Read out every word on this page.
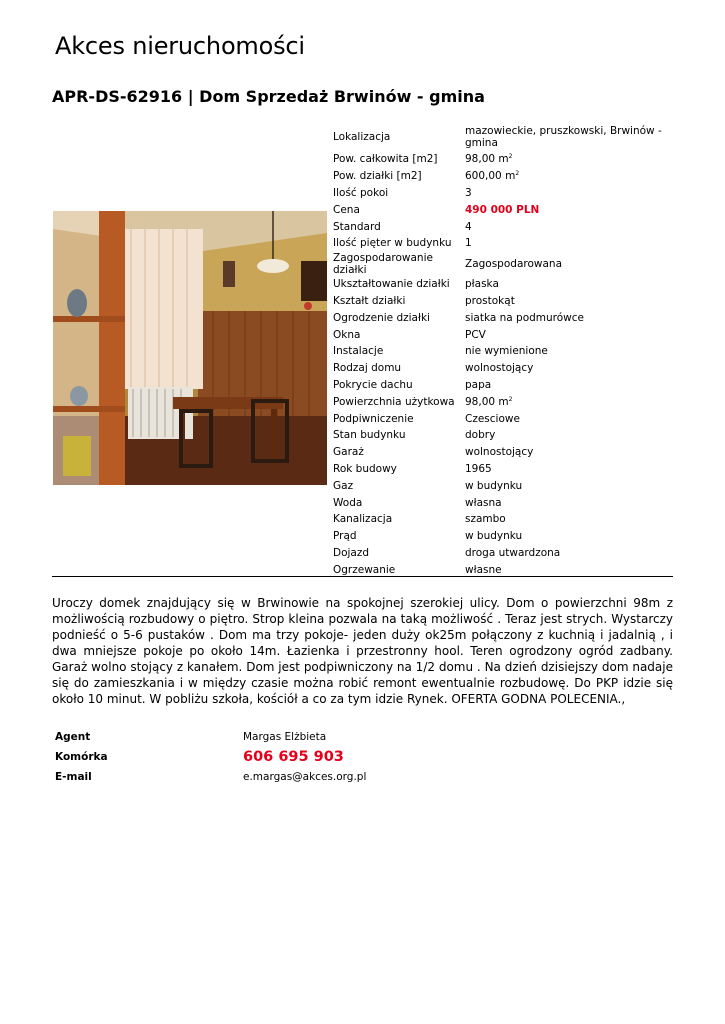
Akces nieruchomości
APR-DS-62916 | Dom Sprzedaż Brwinów - gmina
Lokalizacja	mazowieckie, pruszkowski, Brwinów - gmina
Pow. całkowita [m2]	98,00 $m^2$
Pow. działki [m2]	600,00 $m^2$
Ilość pokoi	3
Cena	490 000 PLN
Standard	4
Ilość pięter w budynku	1
Zagospodarowanie działki	Zagospodarowana
Ukształtowanie działki	płaska
Kształt działki	prostokąt
Ogrodzenie działki	siatka na podmurówce
Okna	PCV
Instalacje	nie wymienione
Rodzaj domu	wolnostojący
Pokrycie dachu	papa
Powierzchnia użytkowa	98,00 $m^2$
Podpiwniczenie	Czesciowe
Stan budynku	dobry
Garaż	wolnostojący
Rok budowy	1965
Gaz	w budynku
Woda	własna
Kanalizacja	szambo
Prąd	w budynku
Dojazd	droga utwardzona
Ogrzewanie	własne
Uroczy domek znajdujący się w Brwinowie na spokojnej szerokiej ulicy. Dom o powierzchni 98m z możliwością rozbudowy o piętro. Strop kleina pozwala na taką możliwość . Teraz jest strych. Wystarczy podnieść o 5-6 pustaków . Dom ma trzy pokoje- jeden duży ok25m połączony z kuchnią i jadalnią , i dwa mniejsze pokoje po około 14m. Łazienka i przestronny hool. Teren ogrodzony ogród zadbany. Garaż wolno stojący z kanałem. Dom jest podpiwniczony na 1/2 domu . Na dzień dzisiejszy dom nadaje się do zamieszkania i w między czasie można robić remont ewentualnie rozbudowę. Do PKP idzie się około 10 minut. W pobliżu szkoła, kościół a co za tym idzie Rynek. OFERTA GODNA POLECENIA.,
Agent	Margas Elżbieta
Komórka	606 695 903
E-mail	e.margas@akces.org.pl
